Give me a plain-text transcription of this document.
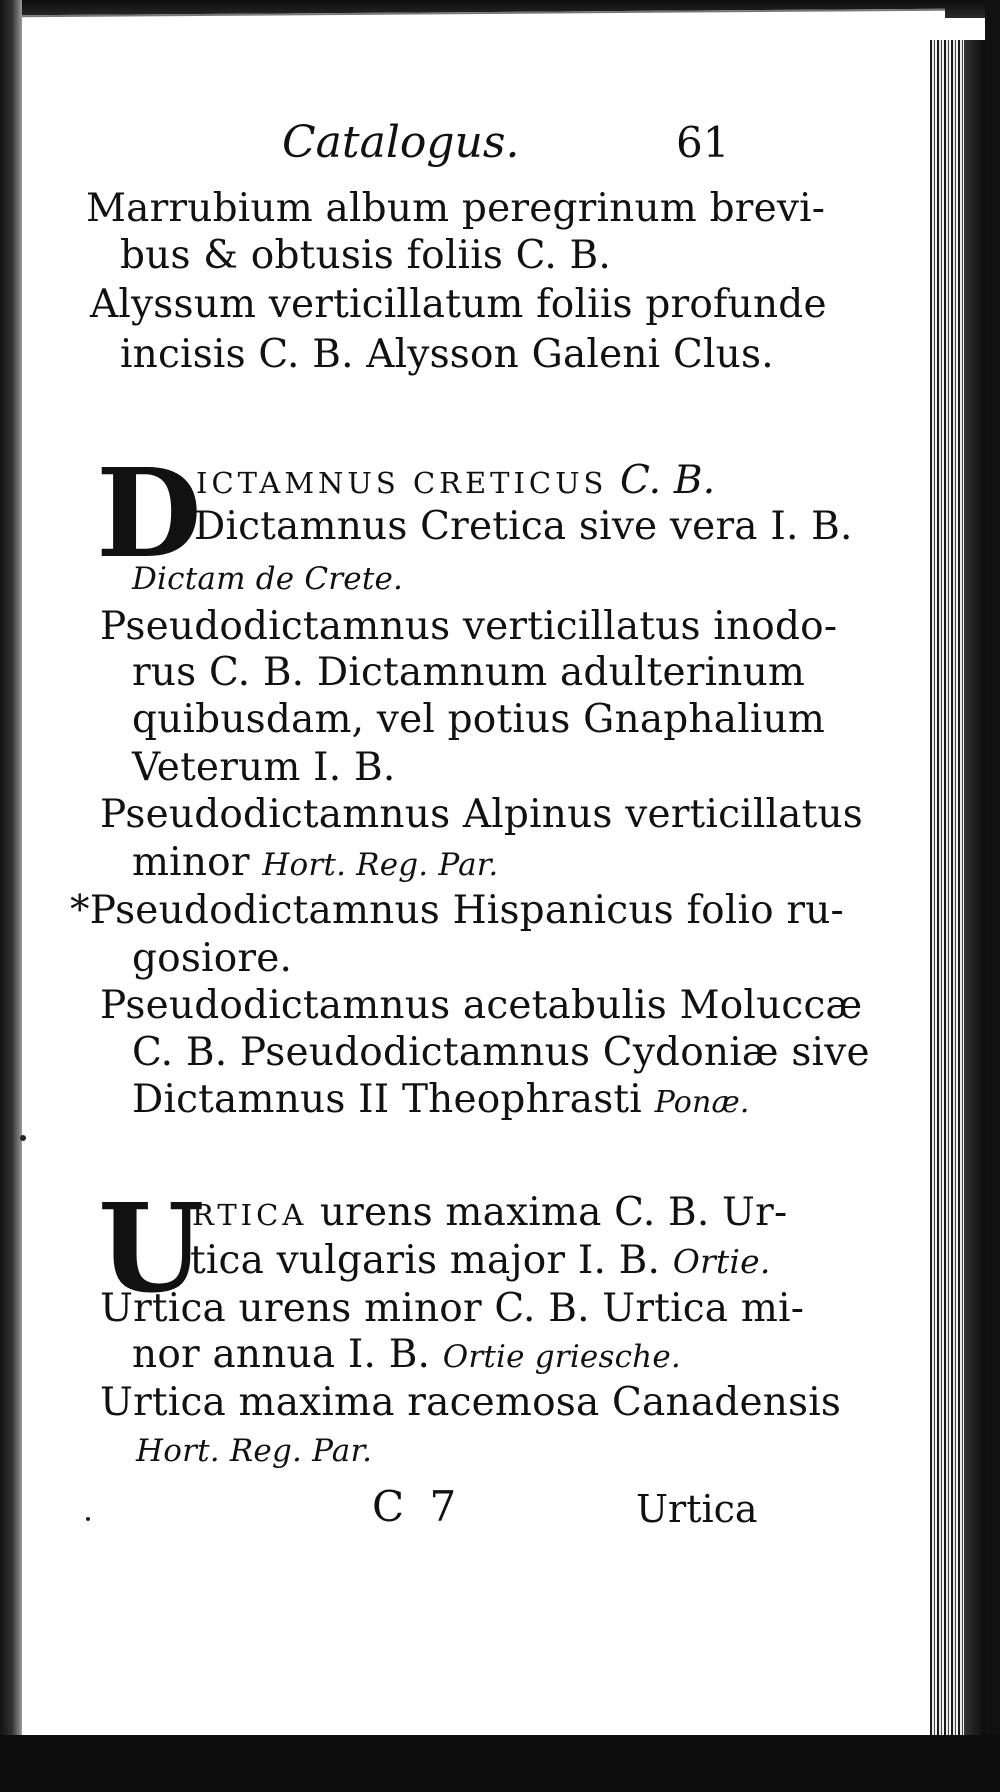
Catalogus.	61
Marrubium album peregrinum brevi-
bus & obtusis foliis C. B.
Alyssum verticillatum foliis profunde
incisis C. B. Alysson Galeni Clus.
D
ICTAMNUS CRETICUS C. B.
Dictamnus Cretica sive vera I. B.
Dictam de Crete.
Pseudodictamnus verticillatus inodo-
rus C. B. Dictamnum adulterinum
quibusdam, vel potius Gnaphalium
Veterum I. B.
Pseudodictamnus Alpinus verticillatus
minor Hort. Reg. Par.
*Pseudodictamnus Hispanicus folio ru-
gosiore.
Pseudodictamnus acetabulis Moluccæ
C. B. Pseudodictamnus Cydoniæ sive
Dictamnus II Theophrasti Ponæ.
U
RTICA urens maxima C. B. Ur-
tica vulgaris major I. B. Ortie.
Urtica urens minor C. B. Urtica mi-
nor annua I. B. Ortie griesche.
Urtica maxima racemosa Canadensis
Hort. Reg. Par.
C 7	Urtica
